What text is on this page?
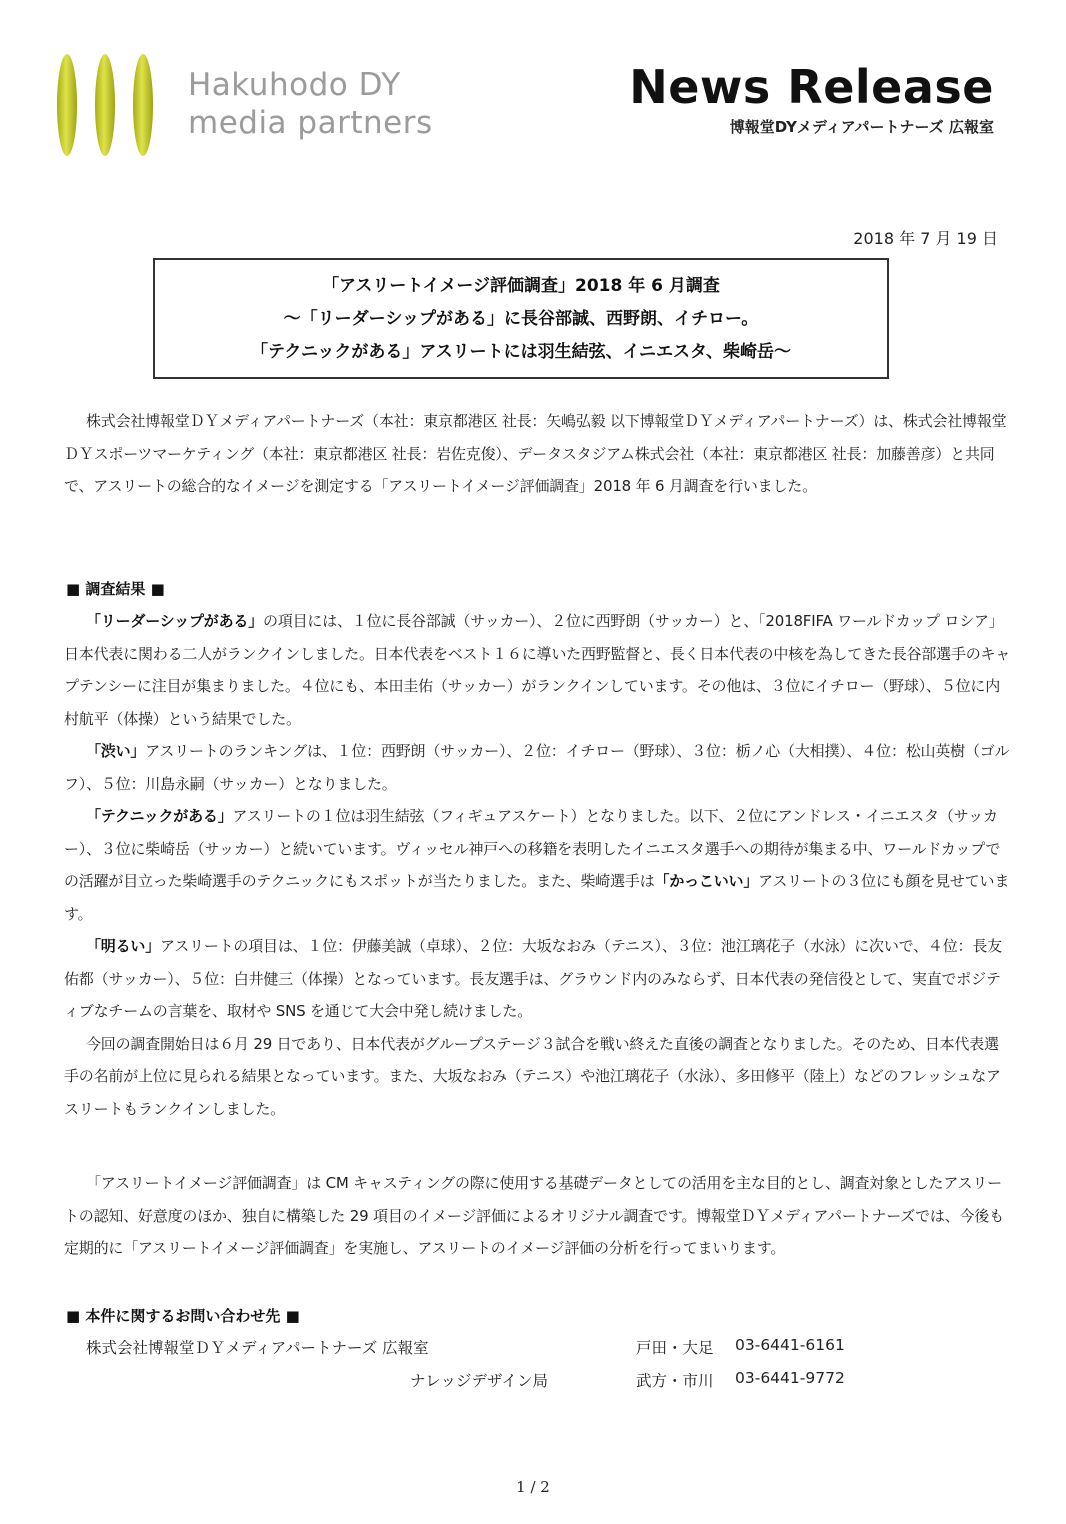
Hakuhodo DY
media partners
News Release
博報堂DYメディアパートナーズ 広報室
2018 年 7 月 19 日
「アスリートイメージ評価調査」2018 年 6 月調査
～「リーダーシップがある」に長谷部誠、西野朗、イチロー。
「テクニックがある」アスリートには羽生結弦、イニエスタ、柴崎岳～

株式会社博報堂ＤＹメディアパートナーズ（本社：東京都港区 社長：矢嶋弘毅 以下博報堂ＤＹメディアパートナーズ）は、株式会社博報堂ＤＹスポーツマーケティング（本社：東京都港区 社長：岩佐克俊）、データスタジアム株式会社（本社：東京都港区 社長：加藤善彦）と共同で、アスリートの総合的なイメージを測定する「アスリートイメージ評価調査」2018 年 6 月調査を行いました。

■ 調査結果 ■

「リーダーシップがある」の項目には、１位に長谷部誠（サッカー）、２位に西野朗（サッカー）と、「2018FIFA ワールドカップ ロシア」日本代表に関わる二人がランクインしました。日本代表をベスト１６に導いた西野監督と、長く日本代表の中核を為してきた長谷部選手のキャプテンシーに注目が集まりました。４位にも、本田圭佑（サッカー）がランクインしています。その他は、３位にイチロー（野球）、５位に内村航平（体操）という結果でした。

「渋い」アスリートのランキングは、１位：西野朗（サッカー）、２位：イチロー（野球）、３位：栃ノ心（大相撲）、４位：松山英樹（ゴルフ）、５位：川島永嗣（サッカー）となりました。

「テクニックがある」アスリートの１位は羽生結弦（フィギュアスケート）となりました。以下、２位にアンドレス・イニエスタ（サッカー）、３位に柴崎岳（サッカー）と続いています。ヴィッセル神戸への移籍を表明したイニエスタ選手への期待が集まる中、ワールドカップでの活躍が目立った柴崎選手のテクニックにもスポットが当たりました。また、柴崎選手は「かっこいい」アスリートの３位にも顔を見せています。

「明るい」アスリートの項目は、１位：伊藤美誠（卓球）、２位：大坂なおみ（テニス）、３位：池江璃花子（水泳）に次いで、４位：長友佑都（サッカー）、５位：白井健三（体操）となっています。長友選手は、グラウンド内のみならず、日本代表の発信役として、実直でポジティブなチームの言葉を、取材や SNS を通じて大会中発し続けました。

今回の調査開始日は６月 29 日であり、日本代表がグループステージ３試合を戦い終えた直後の調査となりました。そのため、日本代表選手の名前が上位に見られる結果となっています。また、大坂なおみ（テニス）や池江璃花子（水泳）、多田修平（陸上）などのフレッシュなアスリートもランクインしました。

「アスリートイメージ評価調査」は CM キャスティングの際に使用する基礎データとしての活用を主な目的とし、調査対象としたアスリートの認知、好意度のほか、独自に構築した 29 項目のイメージ評価によるオリジナル調査です。博報堂ＤＹメディアパートナーズでは、今後も定期的に「アスリートイメージ評価調査」を実施し、アスリートのイメージ評価の分析を行ってまいります。

■ 本件に関するお問い合わせ先 ■
株式会社博報堂ＤＹメディアパートナーズ 広報室	戸田・大足 03-6441-6161
ナレッジデザイン局	武方・市川 03-6441-9772
1 / 2
